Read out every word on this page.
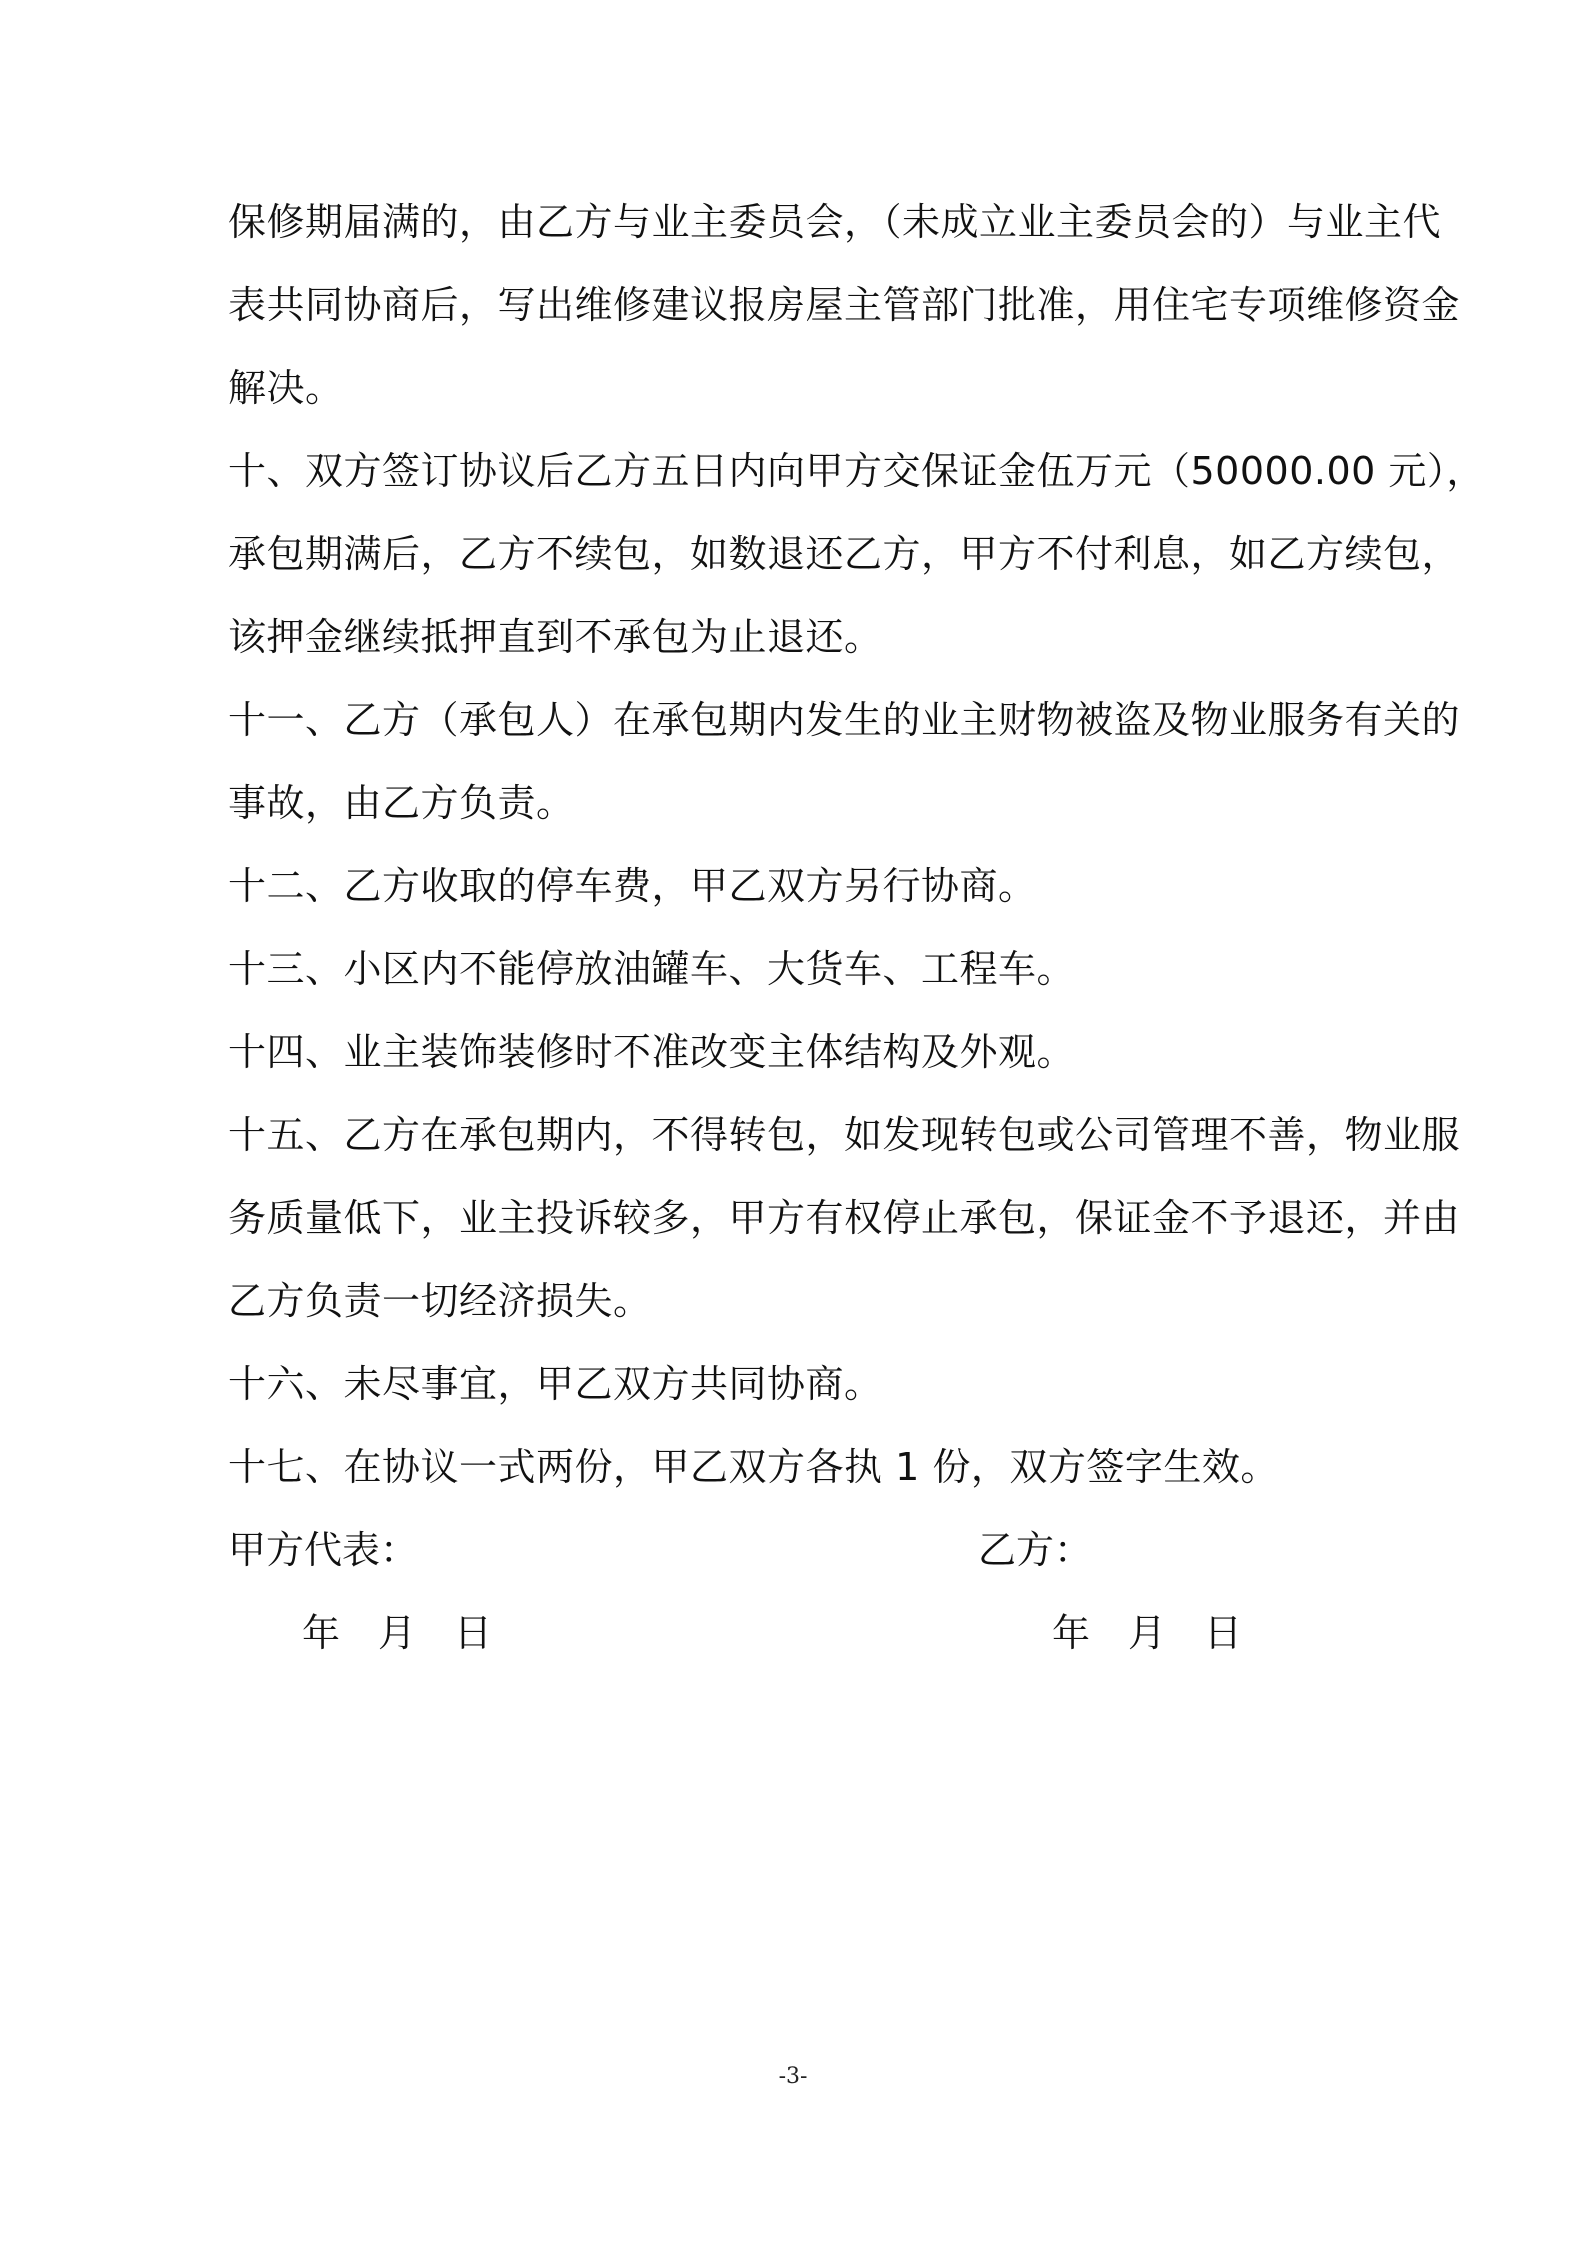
保修期届满的，由乙方与业主委员会，（未成立业主委员会的）与业主代
表共同协商后，写出维修建议报房屋主管部门批准，用住宅专项维修资金
解决。
十、双方签订协议后乙方五日内向甲方交保证金伍万元（50000.00 元），
承包期满后，乙方不续包，如数退还乙方，甲方不付利息，如乙方续包，
该押金继续抵押直到不承包为止退还。
十一、乙方（承包人）在承包期内发生的业主财物被盗及物业服务有关的
事故，由乙方负责。
十二、乙方收取的停车费，甲乙双方另行协商。
十三、小区内不能停放油罐车、大货车、工程车。
十四、业主装饰装修时不准改变主体结构及外观。
十五、乙方在承包期内，不得转包，如发现转包或公司管理不善，物业服
务质量低下，业主投诉较多，甲方有权停止承包，保证金不予退还，并由
乙方负责一切经济损失。
十六、未尽事宜，甲乙双方共同协商。
十七、在协议一式两份，甲乙双方各执 1 份，双方签字生效。
甲方代表：	乙方：
年 月 日	年 月 日
-3-
